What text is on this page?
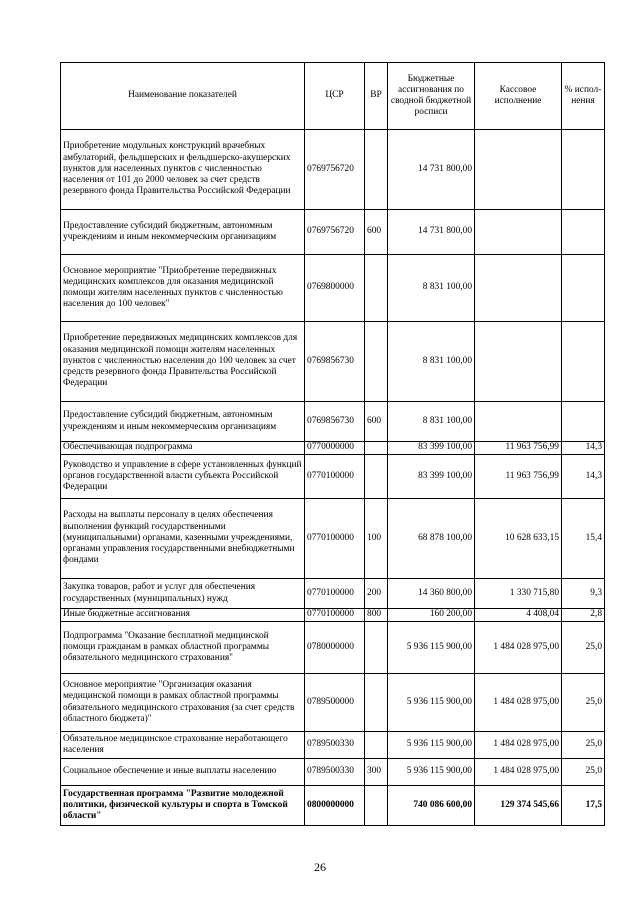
Наименование показателей	ЦСР	ВР	Бюджетные ассигнования по сводной бюджетной росписи	Кассовое исполнение	% испол-нения
Приобретение модульных конструкций врачебных амбулаторий, фельдшерских и фельдшерско-акушерских пунктов для населенных пунктов с численностью населения от 101 до 2000 человек за счет средств резервного фонда Правительства Российской Федерации	0769756720		14 731 800,00		
Предоставление субсидий бюджетным, автономным учреждениям и иным некоммерческим организациям	0769756720	600	14 731 800,00		
Основное мероприятие "Приобретение передвижных медицинских комплексов для оказания медицинской помощи жителям населенных пунктов с численностью населения до 100 человек"	0769800000		8 831 100,00		
Приобретение передвижных медицинских комплексов для оказания медицинской помощи жителям населенных пунктов с численностью населения до 100 человек за счет средств резервного фонда Правительства Российской Федерации	0769856730		8 831 100,00		
Предоставление субсидий бюджетным, автономным учреждениям и иным некоммерческим организациям	0769856730	600	8 831 100,00		
Обеспечивающая подпрограмма	0770000000		83 399 100,00	11 963 756,99	14,3
Руководство и управление в сфере установленных функций органов государственной власти субъекта Российской Федерации	0770100000		83 399 100,00	11 963 756,99	14,3
Расходы на выплаты персоналу в целях обеспечения выполнения функций государственными (муниципальными) органами, казенными учреждениями, органами управления государственными внебюджетными фондами	0770100000	100	68 878 100,00	10 628 633,15	15,4
Закупка товаров, работ и услуг для обеспечения государственных (муниципальных) нужд	0770100000	200	14 360 800,00	1 330 715,80	9,3
Иные бюджетные ассигнования	0770100000	800	160 200,00	4 408,04	2,8
Подпрограмма "Оказание бесплатной медицинской помощи гражданам в рамках областной программы обязательного медицинского страхования"	0780000000		5 936 115 900,00	1 484 028 975,00	25,0
Основное мероприятие "Организация оказания медицинской помощи в рамках областной программы обязательного медицинского страхования (за счет средств областного бюджета)"	0789500000		5 936 115 900,00	1 484 028 975,00	25,0
Обязательное медицинское страхование неработающего населения	0789500330		5 936 115 900,00	1 484 028 975,00	25,0
Социальное обеспечение и иные выплаты населению	0789500330	300	5 936 115 900,00	1 484 028 975,00	25,0
Государственная программа "Развитие молодежной политики, физической культуры и спорта в Томской области"	0800000000		740 086 600,00	129 374 545,66	17,5
26
